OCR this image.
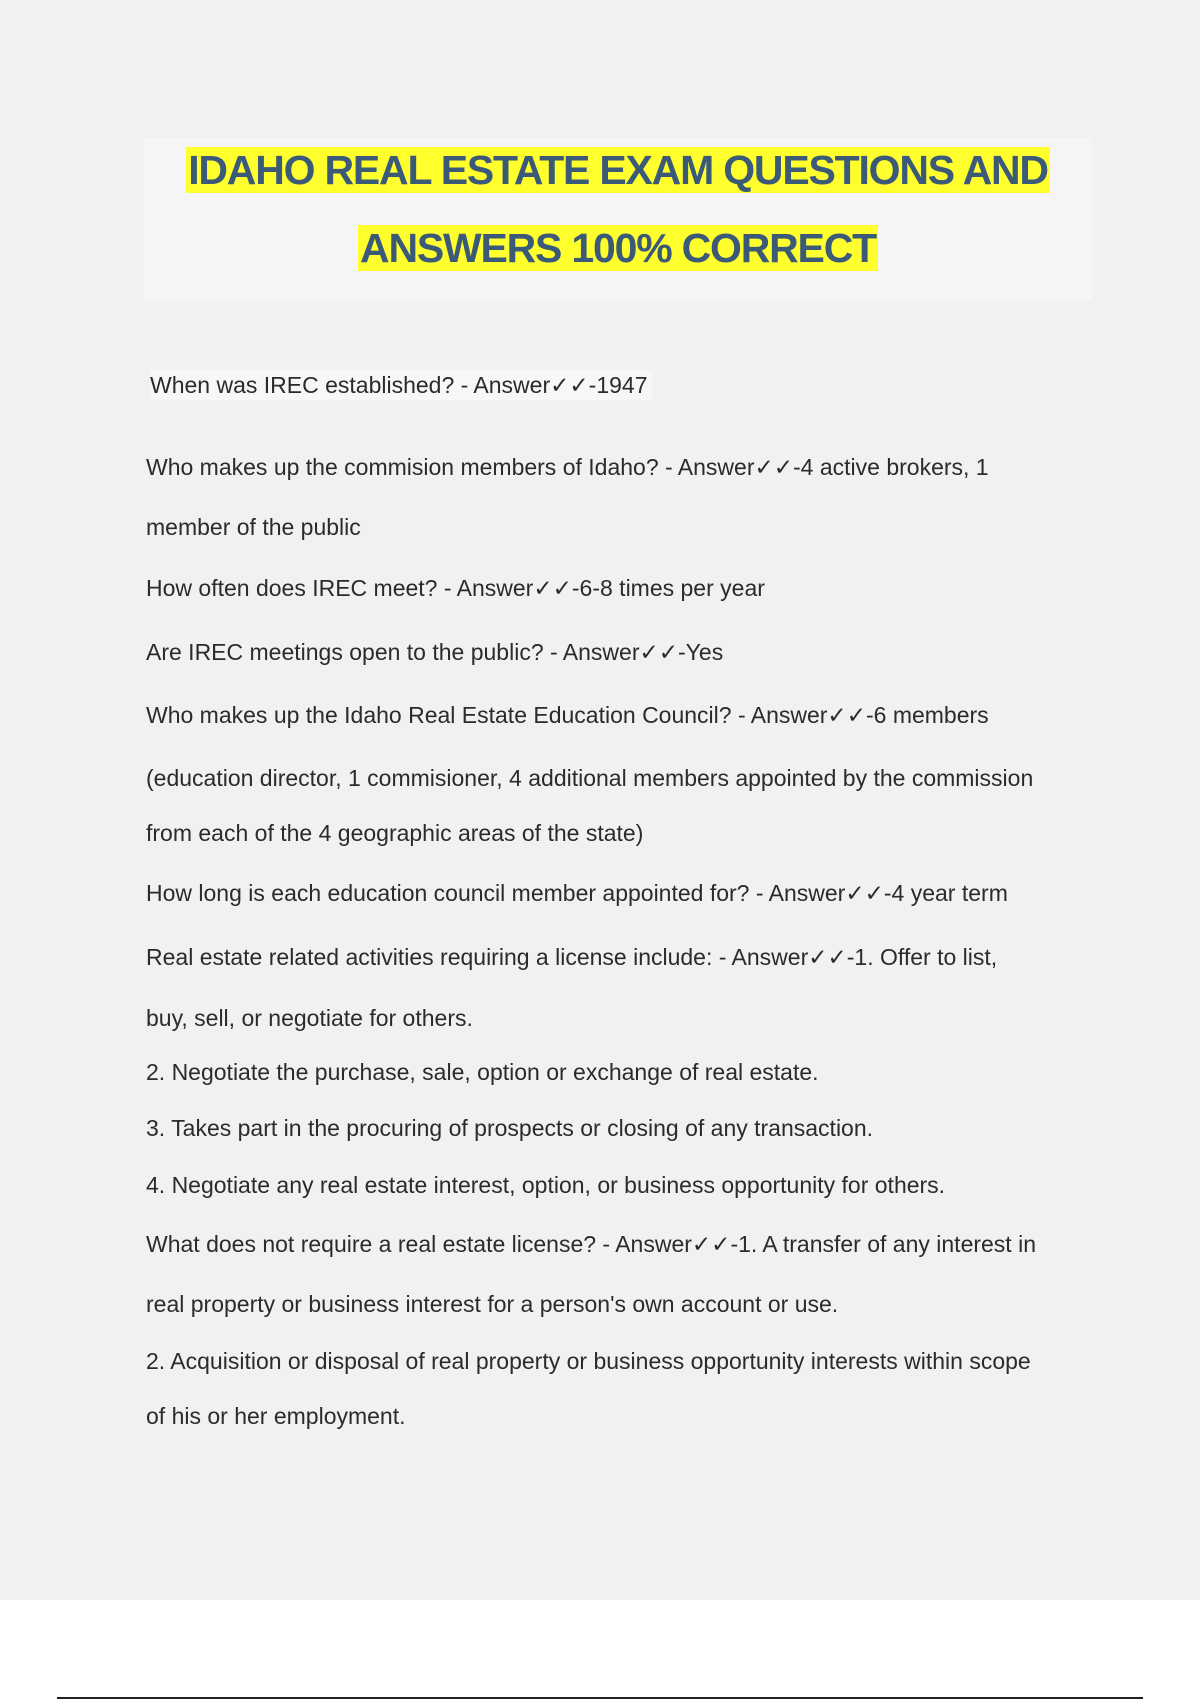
IDAHO REAL ESTATE EXAM QUESTIONS AND
ANSWERS 100% CORRECT
When was IREC established? - Answer✓✓-1947
Who makes up the commision members of Idaho? - Answer✓✓-4 active brokers, 1
member of the public
How often does IREC meet? - Answer✓✓-6-8 times per year
Are IREC meetings open to the public? - Answer✓✓-Yes
Who makes up the Idaho Real Estate Education Council? - Answer✓✓-6 members
(education director, 1 commisioner, 4 additional members appointed by the commission
from each of the 4 geographic areas of the state)
How long is each education council member appointed for? - Answer✓✓-4 year term
Real estate related activities requiring a license include: - Answer✓✓-1. Offer to list,
buy, sell, or negotiate for others.
2. Negotiate the purchase, sale, option or exchange of real estate.
3. Takes part in the procuring of prospects or closing of any transaction.
4. Negotiate any real estate interest, option, or business opportunity for others.
What does not require a real estate license? - Answer✓✓-1. A transfer of any interest in
real property or business interest for a person's own account or use.
2. Acquisition or disposal of real property or business opportunity interests within scope
of his or her employment.
